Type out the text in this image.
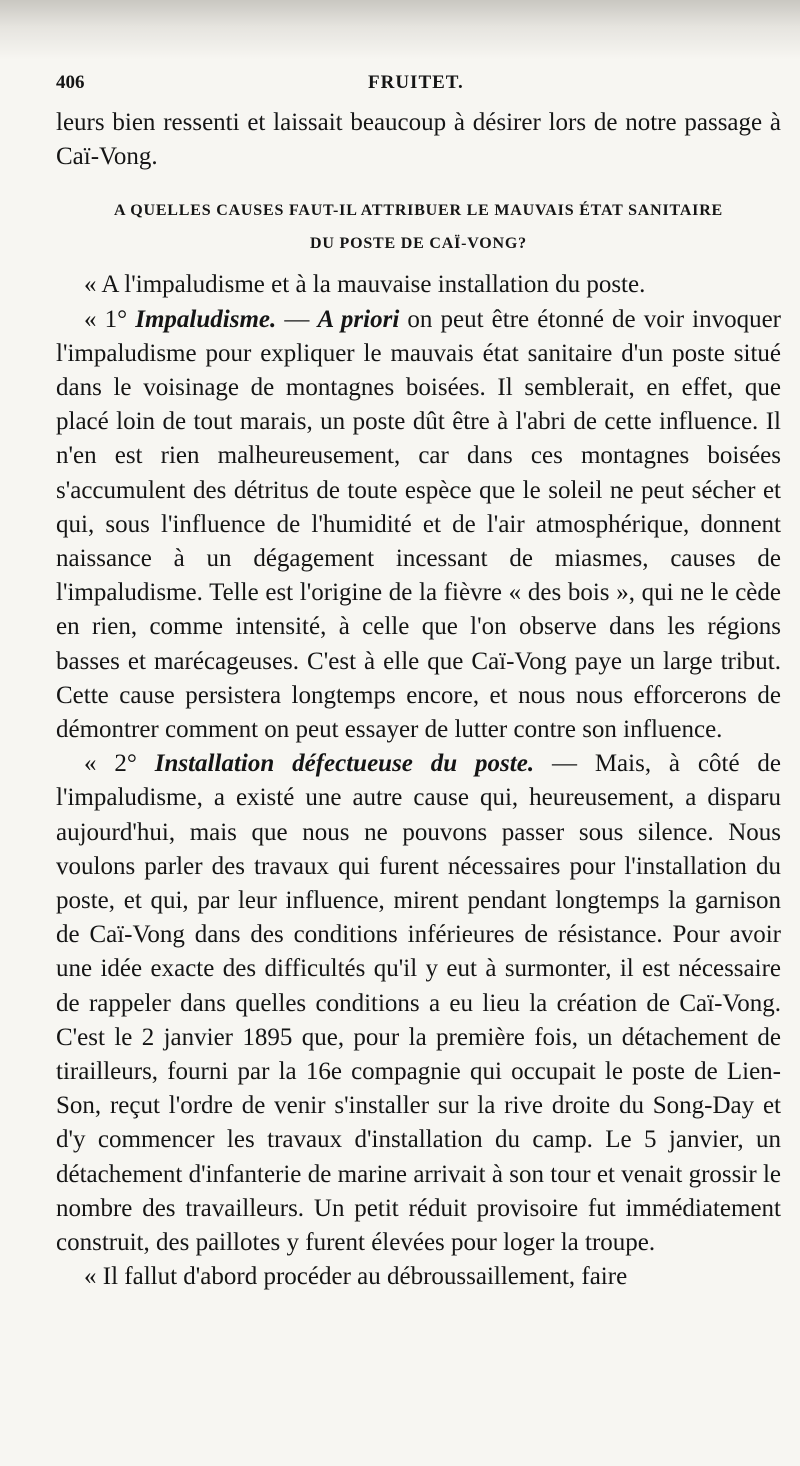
406	FRUITET.

leurs bien ressenti et laissait beaucoup à désirer lors de notre passage à Caï-Vong.

A QUELLES CAUSES FAUT-IL ATTRIBUER LE MAUVAIS ÉTAT SANITAIRE
DU POSTE DE CAÏ-VONG?

« A l'impaludisme et à la mauvaise installation du poste.

« 1° Impaludisme. — A priori on peut être étonné de voir invoquer l'impaludisme pour expliquer le mauvais état sanitaire d'un poste situé dans le voisinage de montagnes boisées. Il semblerait, en effet, que placé loin de tout marais, un poste dût être à l'abri de cette influence. Il n'en est rien malheureusement, car dans ces montagnes boisées s'accumulent des détritus de toute espèce que le soleil ne peut sécher et qui, sous l'influence de l'humidité et de l'air atmosphérique, donnent naissance à un dégagement incessant de miasmes, causes de l'impaludisme. Telle est l'origine de la fièvre « des bois », qui ne le cède en rien, comme intensité, à celle que l'on observe dans les régions basses et marécageuses. C'est à elle que Caï-Vong paye un large tribut. Cette cause persistera longtemps encore, et nous nous efforcerons de démontrer comment on peut essayer de lutter contre son influence.

« 2° Installation défectueuse du poste. — Mais, à côté de l'impaludisme, a existé une autre cause qui, heureusement, a disparu aujourd'hui, mais que nous ne pouvons passer sous silence. Nous voulons parler des travaux qui furent nécessaires pour l'installation du poste, et qui, par leur influence, mirent pendant longtemps la garnison de Caï-Vong dans des conditions inférieures de résistance. Pour avoir une idée exacte des difficultés qu'il y eut à surmonter, il est nécessaire de rappeler dans quelles conditions a eu lieu la création de Caï-Vong. C'est le 2 janvier 1895 que, pour la première fois, un détachement de tirailleurs, fourni par la 16e compagnie qui occupait le poste de Lien-Son, reçut l'ordre de venir s'installer sur la rive droite du Song-Day et d'y commencer les travaux d'installation du camp. Le 5 janvier, un détachement d'infanterie de marine arrivait à son tour et venait grossir le nombre des travailleurs. Un petit réduit provisoire fut immédiatement construit, des paillotes y furent élevées pour loger la troupe.

« Il fallut d'abord procéder au débroussaillement, faire
